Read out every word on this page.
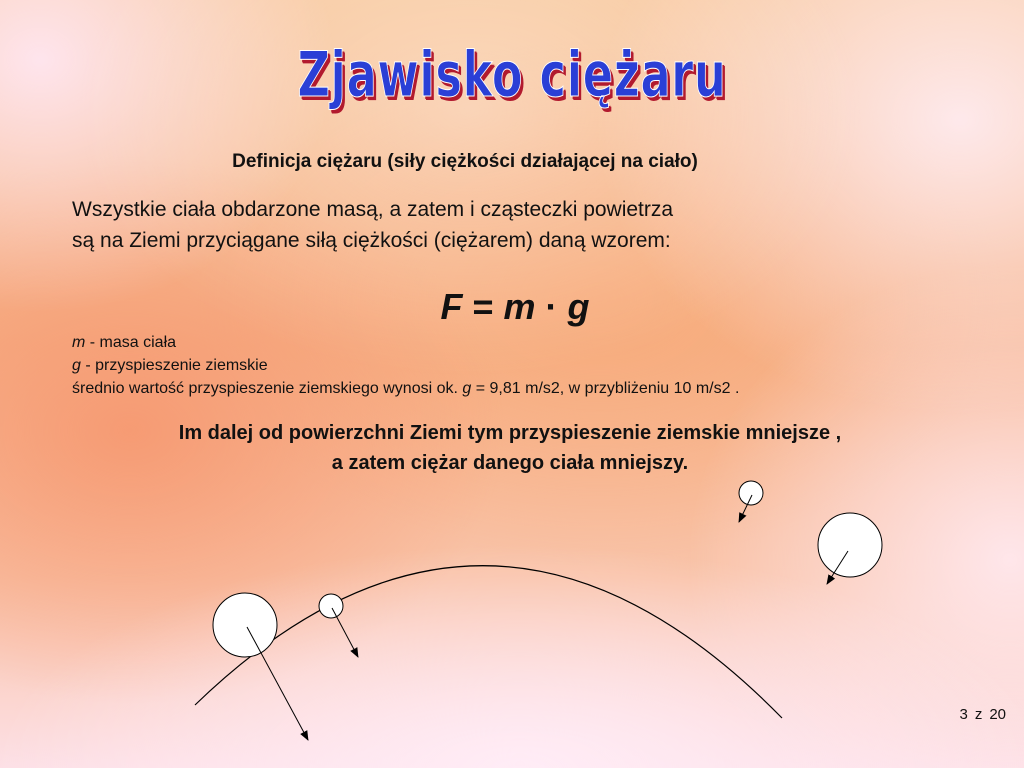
Zjawisko ciężaru
Definicja ciężaru (siły ciężkości działającej na ciało)
Wszystkie ciała obdarzone masą, a zatem i cząsteczki powietrza
są na Ziemi przyciągane siłą ciężkości (ciężarem) daną wzorem:
F = m · g
m - masa ciała
g - przyspieszenie ziemskie
średnio wartość przyspieszenie ziemskiego wynosi ok. g = 9,81 m/s2, w przybliżeniu 10 m/s2 .
Im dalej od powierzchni Ziemi tym przyspieszenie ziemskie mniejsze ,
a zatem ciężar danego ciała mniejszy.
3 z 20
